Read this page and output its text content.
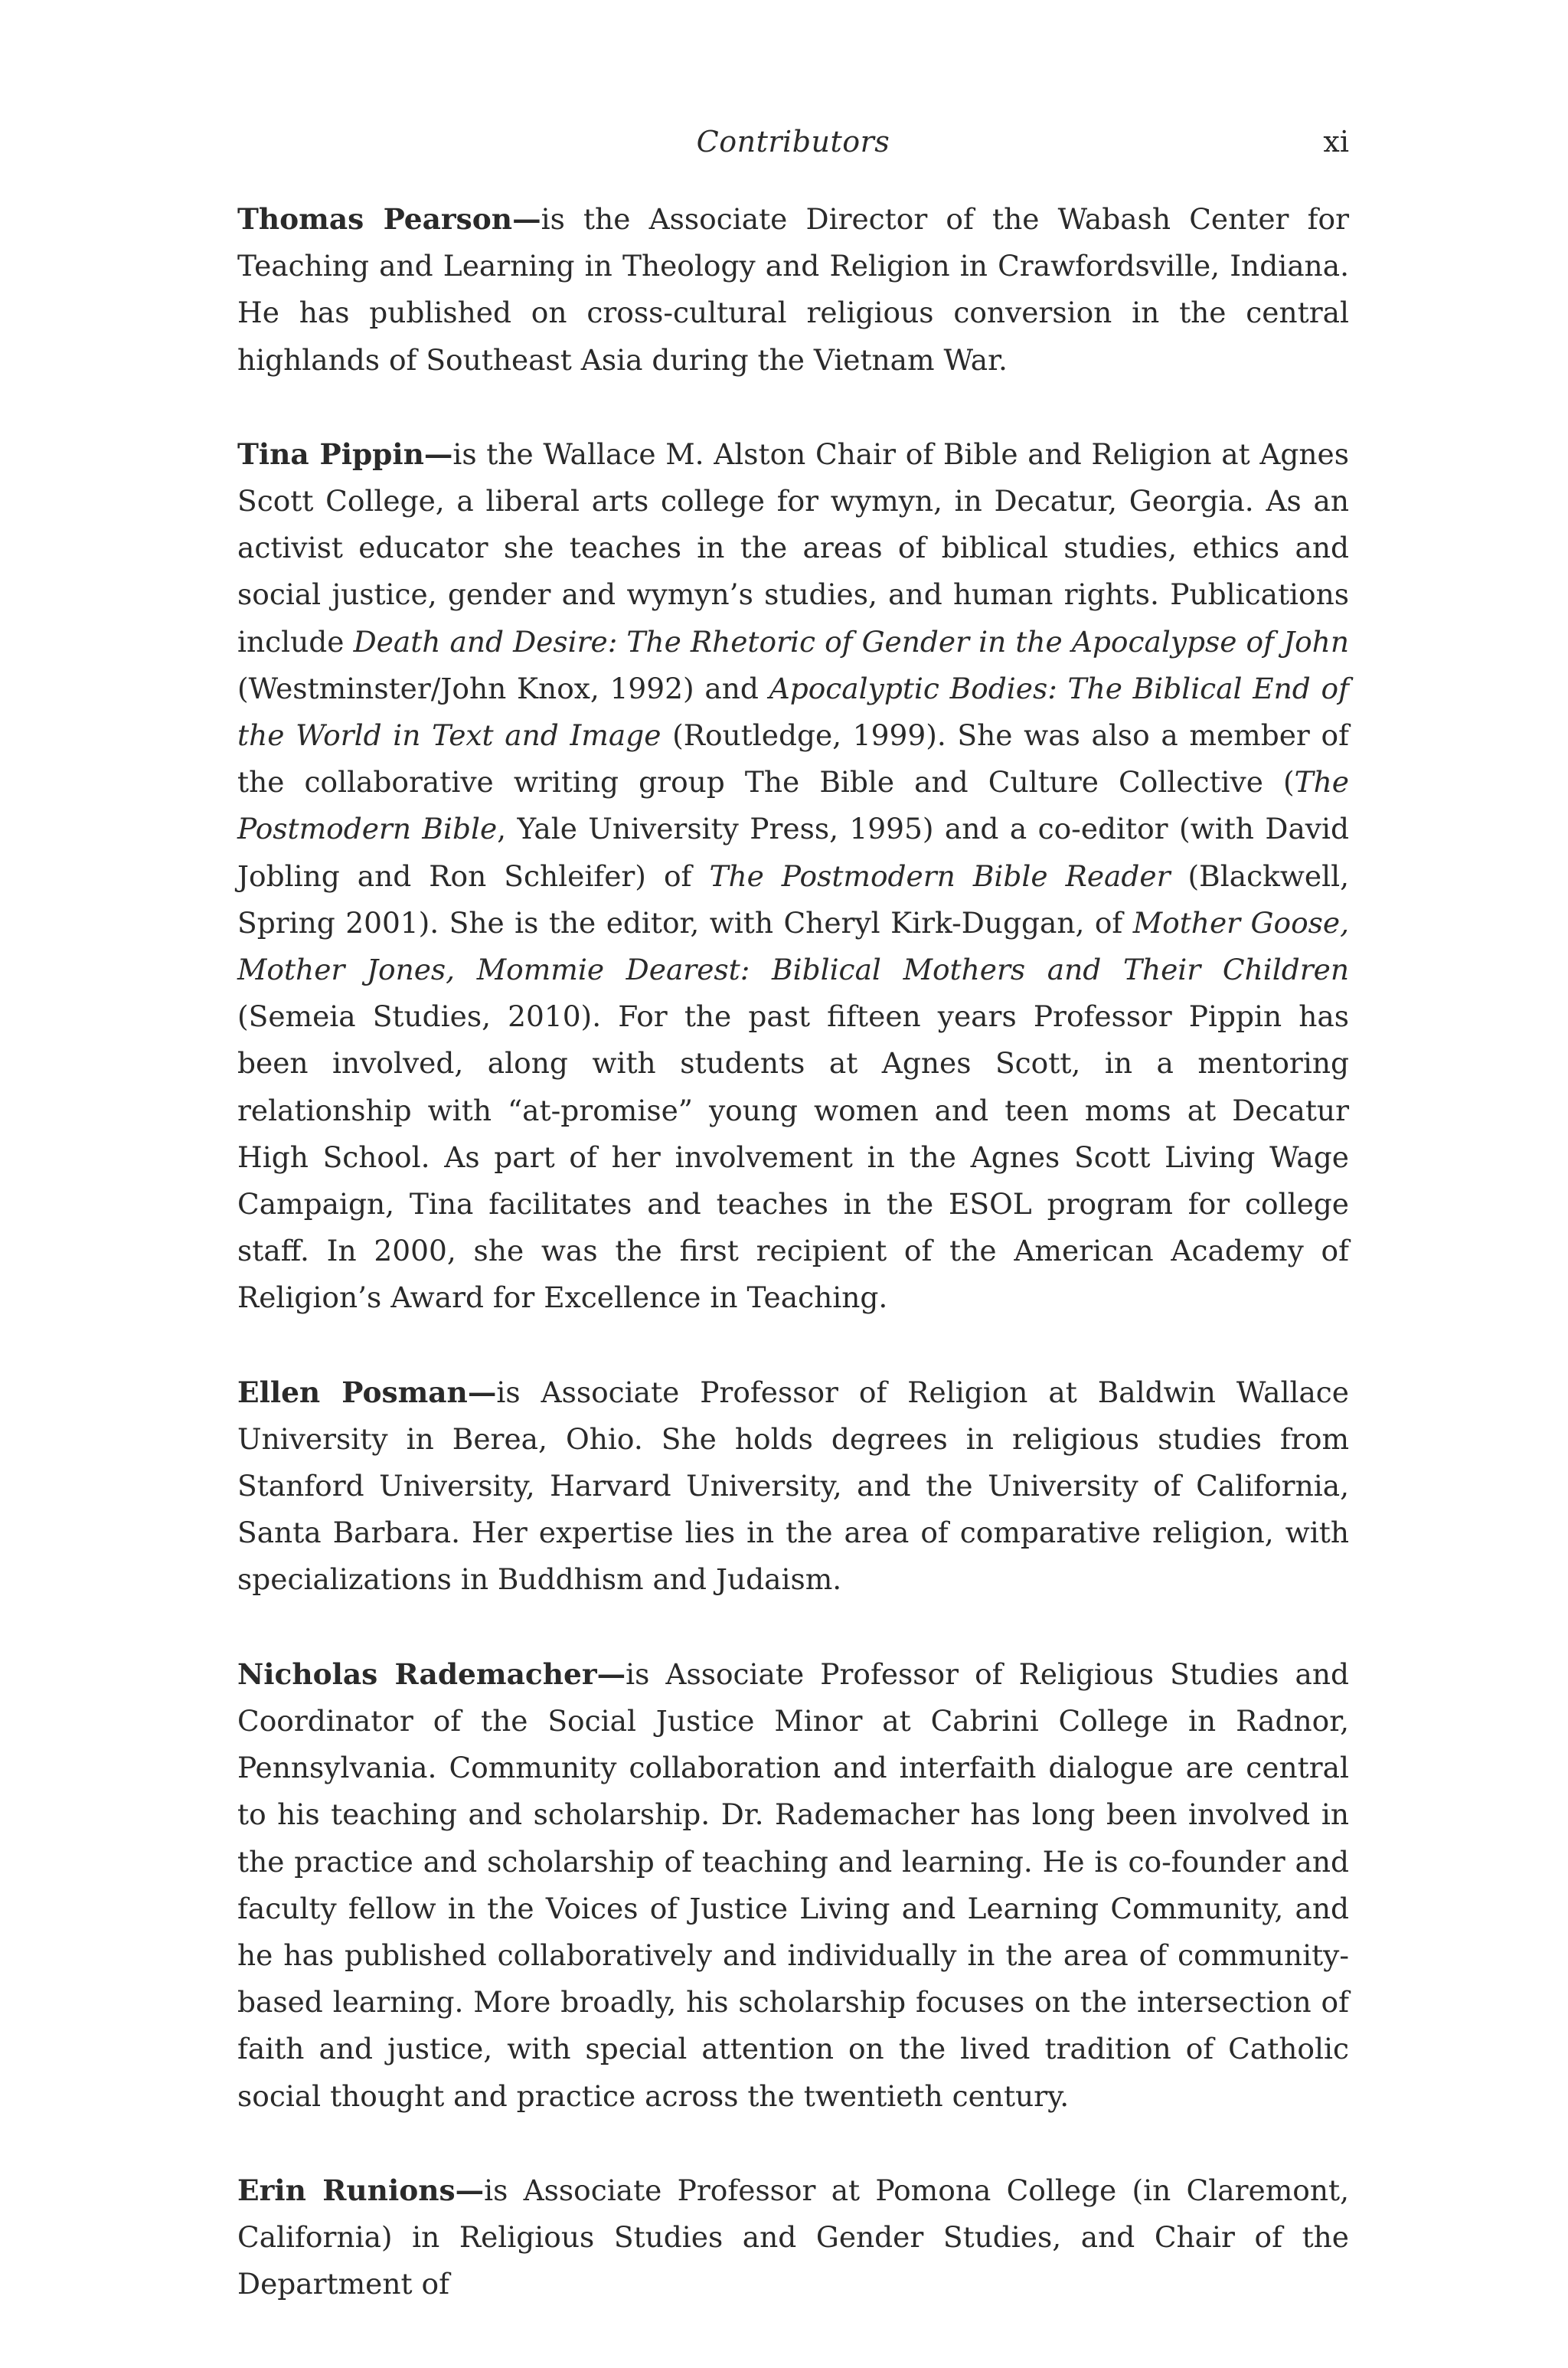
Contributors	xi

Thomas Pearson—is the Associate Director of the Wabash Center for Teaching and Learning in Theology and Religion in Crawfordsville, Indiana. He has published on cross-cultural religious conversion in the central highlands of Southeast Asia during the Vietnam War.

Tina Pippin—is the Wallace M. Alston Chair of Bible and Religion at Agnes Scott College, a liberal arts college for wymyn, in Decatur, Georgia. As an activist educator she teaches in the areas of biblical studies, ethics and social justice, gender and wymyn’s studies, and human rights. Publications include Death and Desire: The Rhetoric of Gender in the Apocalypse of John (Westminster/John Knox, 1992) and Apocalyptic Bodies: The Biblical End of the World in Text and Image (Routledge, 1999). She was also a member of the collaborative writing group The Bible and Culture Collective (The Postmodern Bible, Yale University Press, 1995) and a co-editor (with David Jobling and Ron Schleifer) of The Postmodern Bible Reader (Blackwell, Spring 2001). She is the editor, with Cheryl Kirk-Duggan, of Mother Goose, Mother Jones, Mommie Dearest: Biblical Mothers and Their Children (Semeia Studies, 2010). For the past fifteen years Professor Pippin has been involved, along with students at Agnes Scott, in a mentoring relationship with “at-promise” young women and teen moms at Decatur High School. As part of her involvement in the Agnes Scott Living Wage Campaign, Tina facilitates and teaches in the ESOL program for college staff. In 2000, she was the first recipient of the American Academy of Religion’s Award for Excellence in Teaching.

Ellen Posman—is Associate Professor of Religion at Baldwin Wallace University in Berea, Ohio. She holds degrees in religious studies from Stanford University, Harvard University, and the University of California, Santa Barbara. Her expertise lies in the area of comparative religion, with specializations in Buddhism and Judaism.

Nicholas Rademacher—is Associate Professor of Religious Studies and Coordinator of the Social Justice Minor at Cabrini College in Radnor, Pennsylvania. Community collaboration and interfaith dialogue are central to his teaching and scholarship. Dr. Rademacher has long been involved in the practice and scholarship of teaching and learning. He is co-founder and faculty fellow in the Voices of Justice Living and Learning Community, and he has published collaboratively and individually in the area of community-based learning. More broadly, his scholarship focuses on the intersection of faith and justice, with special attention on the lived tradition of Catholic social thought and practice across the twentieth century.

Erin Runions—is Associate Professor at Pomona College (in Claremont, California) in Religious Studies and Gender Studies, and Chair of the Department of
